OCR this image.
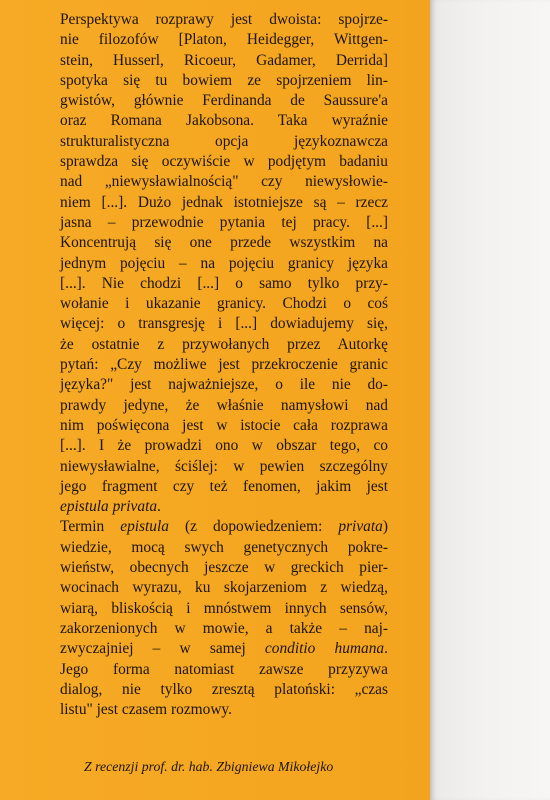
Perspektywa rozprawy jest dwoista: spojrze-
nie filozofów [Platon, Heidegger, Wittgen-
stein, Husserl, Ricoeur, Gadamer, Derrida]
spotyka się tu bowiem ze spojrzeniem lin-
gwistów, głównie Ferdinanda de Saussure'a
oraz Romana Jakobsona. Taka wyraźnie
strukturalistyczna opcja językoznawcza
sprawdza się oczywiście w podjętym badaniu
nad „niewysławialnością" czy niewysłowie-
niem [...]. Dużo jednak istotniejsze są – rzecz
jasna – przewodnie pytania tej pracy. [...]
Koncentrują się one przede wszystkim na
jednym pojęciu – na pojęciu granicy języka
[...]. Nie chodzi [...] o samo tylko przy-
wołanie i ukazanie granicy. Chodzi o coś
więcej: o transgresję i [...] dowiadujemy się,
że ostatnie z przywołanych przez Autorkę
pytań: „Czy możliwe jest przekroczenie granic
języka?" jest najważniejsze, o ile nie do-
prawdy jedyne, że właśnie namysłowi nad
nim poświęcona jest w istocie cała rozprawa
[...]. I że prowadzi ono w obszar tego, co
niewysławialne, ściślej: w pewien szczególny
jego fragment czy też fenomen, jakim jest
epistula privata.
Termin epistula (z dopowiedzeniem: privata)
wiedzie, mocą swych genetycznych pokre-
wieństw, obecnych jeszcze w greckich pier-
wocinach wyrazu, ku skojarzeniom z wiedzą,
wiarą, bliskością i mnóstwem innych sensów,
zakorzenionych w mowie, a także – naj-
zwyczajniej – w samej conditio humana.
Jego forma natomiast zawsze przyzywa
dialog, nie tylko zresztą platoński: „czas
listu" jest czasem rozmowy.
Z recenzji prof. dr. hab. Zbigniewa Mikołejko
